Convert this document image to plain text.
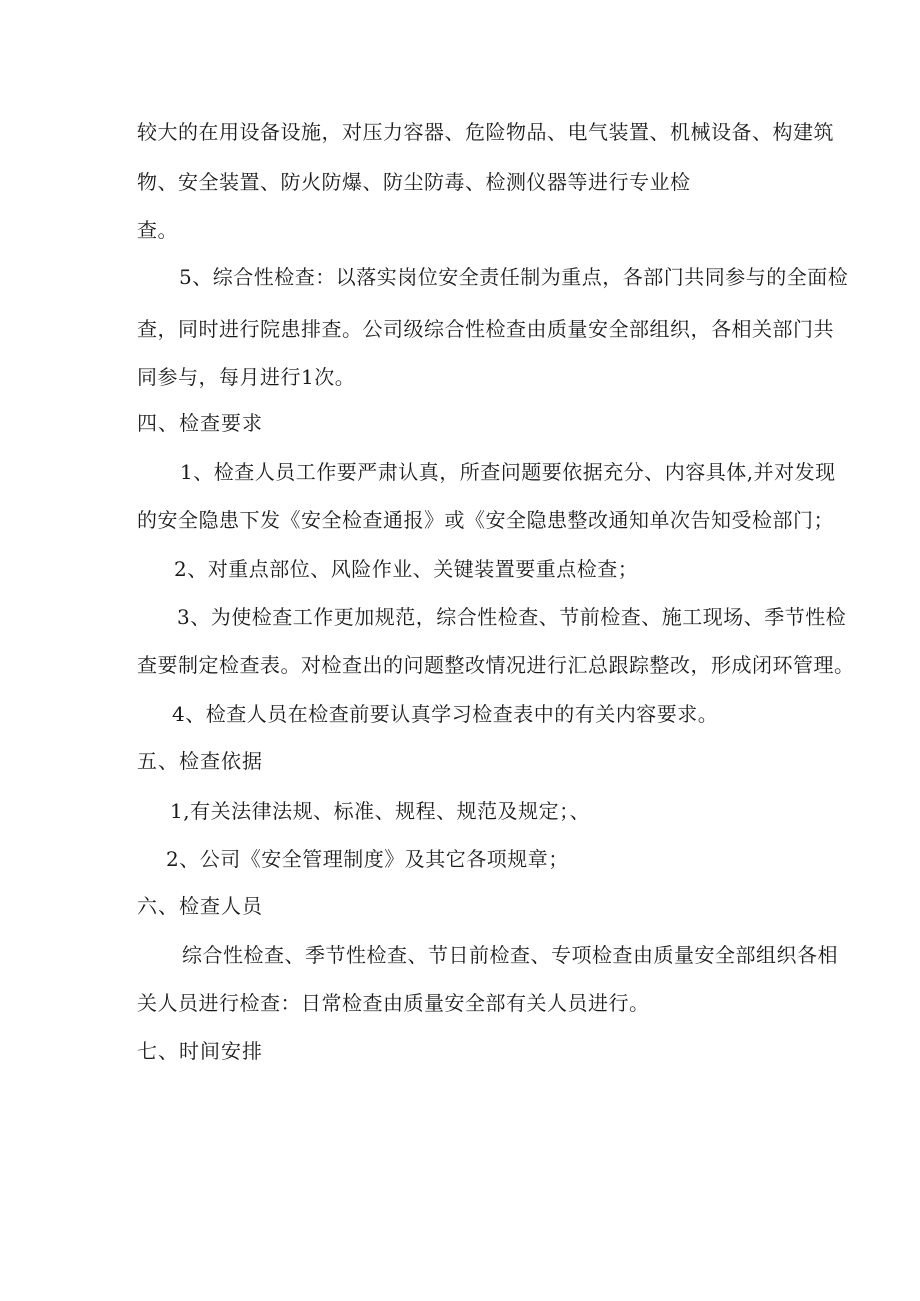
较大的在用设备设施，对压力容器、危险物品、电气装置、机械设备、构建筑
物、安全装置、防火防爆、防尘防毒、检测仪器等进行专业检
查。
5、综合性检查：以落实岗位安全责任制为重点，各部门共同参与的全面检
查，同时进行院患排查。公司级综合性检查由质量安全部组织，各相关部门共
同参与，每月进行1次。
四、检查要求
1、检查人员工作要严肃认真，所查问题要依据充分、内容具体,并对发现
的安全隐患下发《安全检查通报》或《安全隐患整改通知单次告知受检部门；
2、对重点部位、风险作业、关键装置要重点检查；
3、为使检查工作更加规范，综合性检查、节前检查、施工现场、季节性检
查要制定检查表。对检查出的问题整改情况进行汇总跟踪整改，形成闭环管理。
4、检查人员在检查前要认真学习检查表中的有关内容要求。
五、检查依据
1,有关法律法规、标准、规程、规范及规定；、
2、公司《安全管理制度》及其它各项规章；
六、检查人员
综合性检查、季节性检查、节日前检查、专项检查由质量安全部组织各相
关人员进行检查：日常检查由质量安全部有关人员进行。
七、时间安排
